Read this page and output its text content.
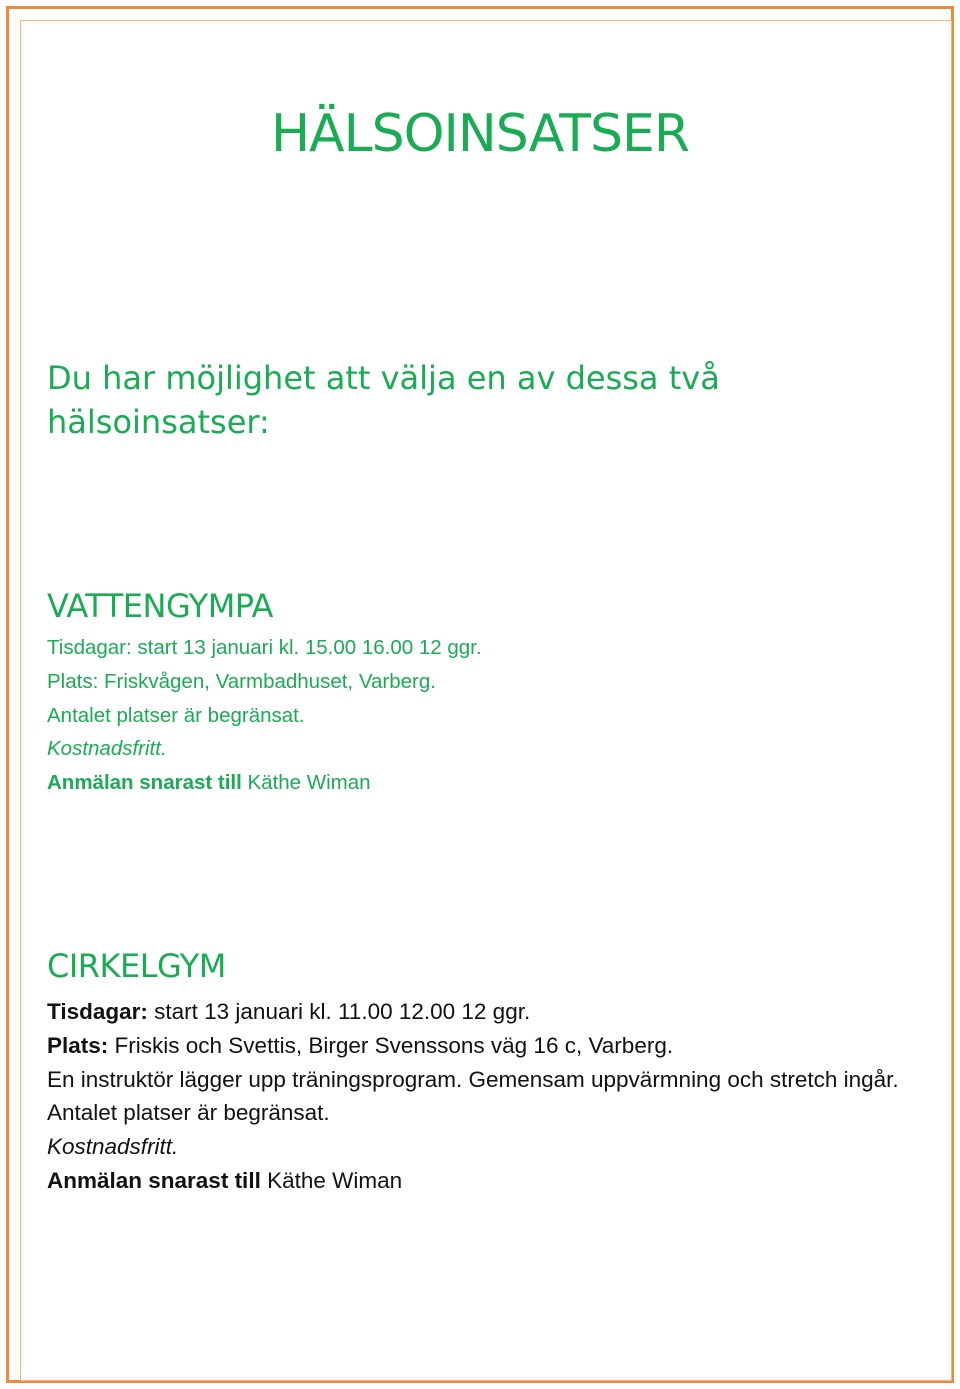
HÄLSOINSATSER

Du har möjlighet att välja en av dessa två hälsoinsatser:

VATTENGYMPA

Tisdagar: start 13 januari kl. 15.00 16.00 12 ggr.

Plats: Friskvågen, Varmbadhuset, Varberg.

Antalet platser är begränsat.

Kostnadsfritt.

Anmälan snarast till Käthe Wiman

CIRKELGYM

Tisdagar: start 13 januari kl. 11.00 12.00 12 ggr.

Plats: Friskis och Svettis, Birger Svenssons väg 16 c, Varberg.

En instruktör lägger upp träningsprogram. Gemensam uppvärmning och stretch ingår.

Antalet platser är begränsat.

Kostnadsfritt.

Anmälan snarast till Käthe Wiman
